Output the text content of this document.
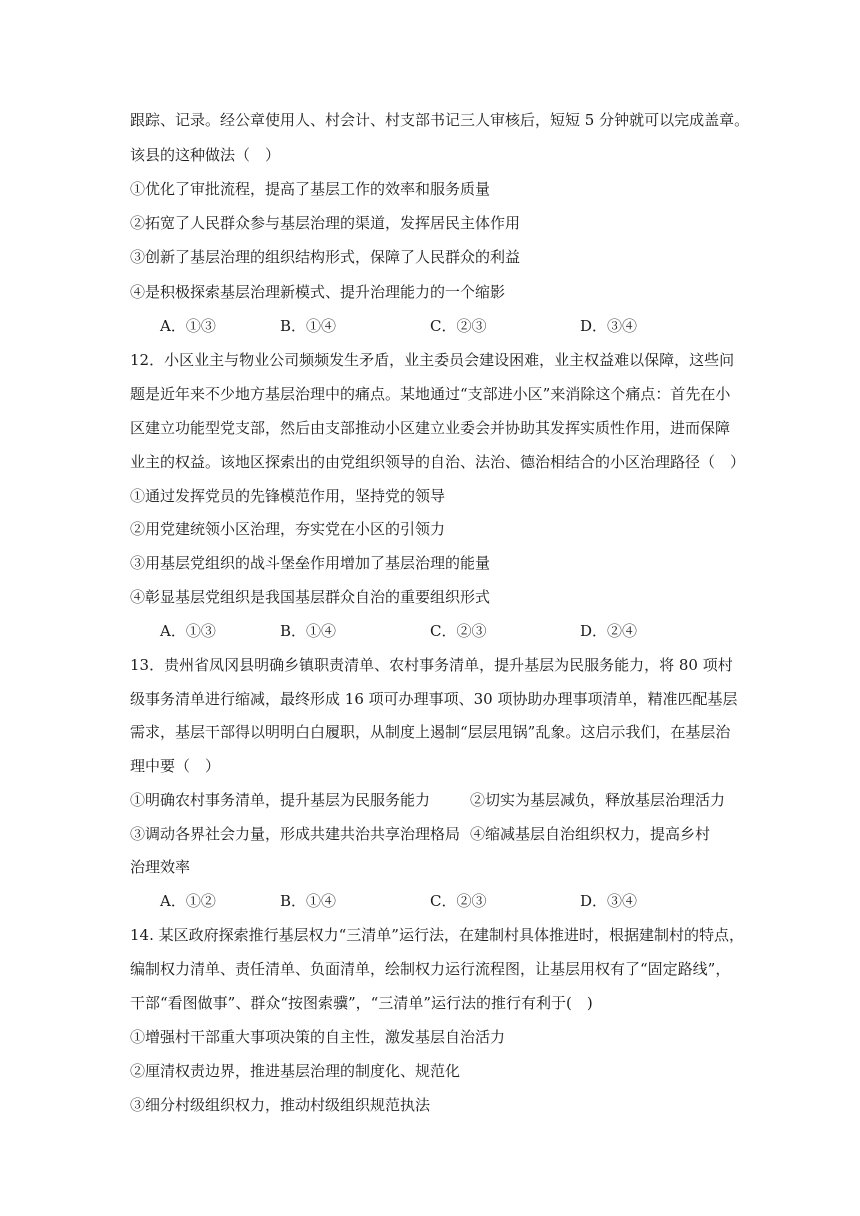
跟踪、记录。经公章使用人、村会计、村支部书记三人审核后，短短 5 分钟就可以完成盖章。
该县的这种做法（　）
①优化了审批流程，提高了基层工作的效率和服务质量
②拓宽了人民群众参与基层治理的渠道，发挥居民主体作用
③创新了基层治理的组织结构形式，保障了人民群众的利益
④是积极探索基层治理新模式、提升治理能力的一个缩影
A．①③	B．①④	C．②③	D．③④
12．小区业主与物业公司频频发生矛盾，业主委员会建设困难，业主权益难以保障，这些问
题是近年来不少地方基层治理中的痛点。某地通过“支部进小区”来消除这个痛点：首先在小
区建立功能型党支部，然后由支部推动小区建立业委会并协助其发挥实质性作用，进而保障
业主的权益。该地区探索出的由党组织领导的自治、法治、德治相结合的小区治理路径（　）
①通过发挥党员的先锋模范作用，坚持党的领导
②用党建统领小区治理，夯实党在小区的引领力
③用基层党组织的战斗堡垒作用增加了基层治理的能量
④彰显基层党组织是我国基层群众自治的重要组织形式
A．①③	B．①④	C．②③	D．②④
13．贵州省凤冈县明确乡镇职责清单、农村事务清单，提升基层为民服务能力，将 80 项村
级事务清单进行缩减，最终形成 16 项可办理事项、30 项协助办理事项清单，精准匹配基层
需求，基层干部得以明明白白履职，从制度上遏制“层层甩锅”乱象。这启示我们，在基层治
理中要（　）
①明确农村事务清单，提升基层为民服务能力	②切实为基层减负，释放基层治理活力
③调动各界社会力量，形成共建共治共享治理格局 ④缩减基层自治组织权力，提高乡村
治理效率
A．①②	B．①④	C．②③	D．③④
14. 某区政府探索推行基层权力“三清单”运行法，在建制村具体推进时，根据建制村的特点，
编制权力清单、责任清单、负面清单，绘制权力运行流程图，让基层用权有了“固定路线”，
干部“看图做事”、群众“按图索骥”，“三清单”运行法的推行有利于(　)
①增强村干部重大事项决策的自主性，激发基层自治活力
②厘清权责边界，推进基层治理的制度化、规范化
③细分村级组织权力，推动村级组织规范执法
